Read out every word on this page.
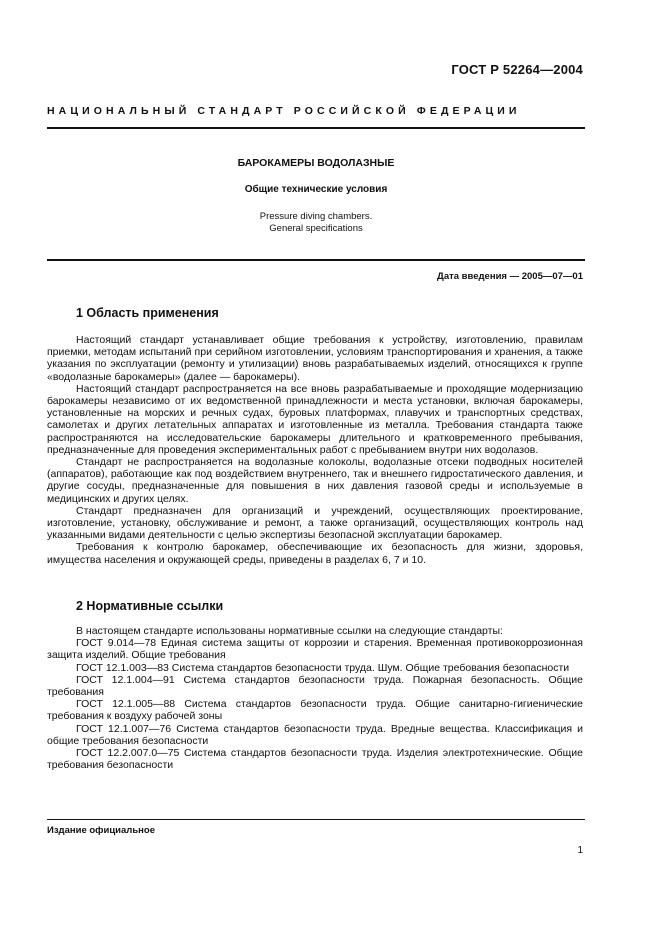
ГОСТ Р 52264—2004
НАЦИОНАЛЬНЫЙ СТАНДАРТ РОССИЙСКОЙ ФЕДЕРАЦИИ
БАРОКАМЕРЫ ВОДОЛАЗНЫЕ
Общие технические условия
Pressure diving chambers.
General specifications
Дата введения — 2005—07—01
1 Область применения

Настоящий стандарт устанавливает общие требования к устройству, изготовлению, правилам приемки, методам испытаний при серийном изготовлении, условиям транспортирования и хранения, а также указания по эксплуатации (ремонту и утилизации) вновь разрабатываемых изделий, относящихся к группе «водолазные барокамеры» (далее — барокамеры).

Настоящий стандарт распространяется на все вновь разрабатываемые и проходящие модернизацию барокамеры независимо от их ведомственной принадлежности и места установки, включая барокамеры, установленные на морских и речных судах, буровых платформах, плавучих и транспортных средствах, самолетах и других летательных аппаратах и изготовленные из металла. Требования стандарта также распространяются на исследовательские барокамеры длительного и кратковременного пребывания, предназначенные для проведения экспериментальных работ с пребыванием внутри них водолазов.

Стандарт не распространяется на водолазные колоколы, водолазные отсеки подводных носителей (аппаратов), работающие как под воздействием внутреннего, так и внешнего гидростатического давления, и другие сосуды, предназначенные для повышения в них давления газовой среды и используемые в медицинских и других целях.

Стандарт предназначен для организаций и учреждений, осуществляющих проектирование, изготовление, установку, обслуживание и ремонт, а также организаций, осуществляющих контроль над указанными видами деятельности с целью экспертизы безопасной эксплуатации барокамер.

Требования к контролю барокамер, обеспечивающие их безопасность для жизни, здоровья, имущества населения и окружающей среды, приведены в разделах 6, 7 и 10.

2 Нормативные ссылки

В настоящем стандарте использованы нормативные ссылки на следующие стандарты:

ГОСТ 9.014—78 Единая система защиты от коррозии и старения. Временная противокоррозионная защита изделий. Общие требования

ГОСТ 12.1.003—83 Система стандартов безопасности труда. Шум. Общие требования безопасности

ГОСТ 12.1.004—91 Система стандартов безопасности труда. Пожарная безопасность. Общие требования

ГОСТ 12.1.005—88 Система стандартов безопасности труда. Общие санитарно-гигиенические требования к воздуху рабочей зоны

ГОСТ 12.1.007—76 Система стандартов безопасности труда. Вредные вещества. Классификация и общие требования безопасности

ГОСТ 12.2.007.0—75 Система стандартов безопасности труда. Изделия электротехнические. Общие требования безопасности

Издание официальное
1
